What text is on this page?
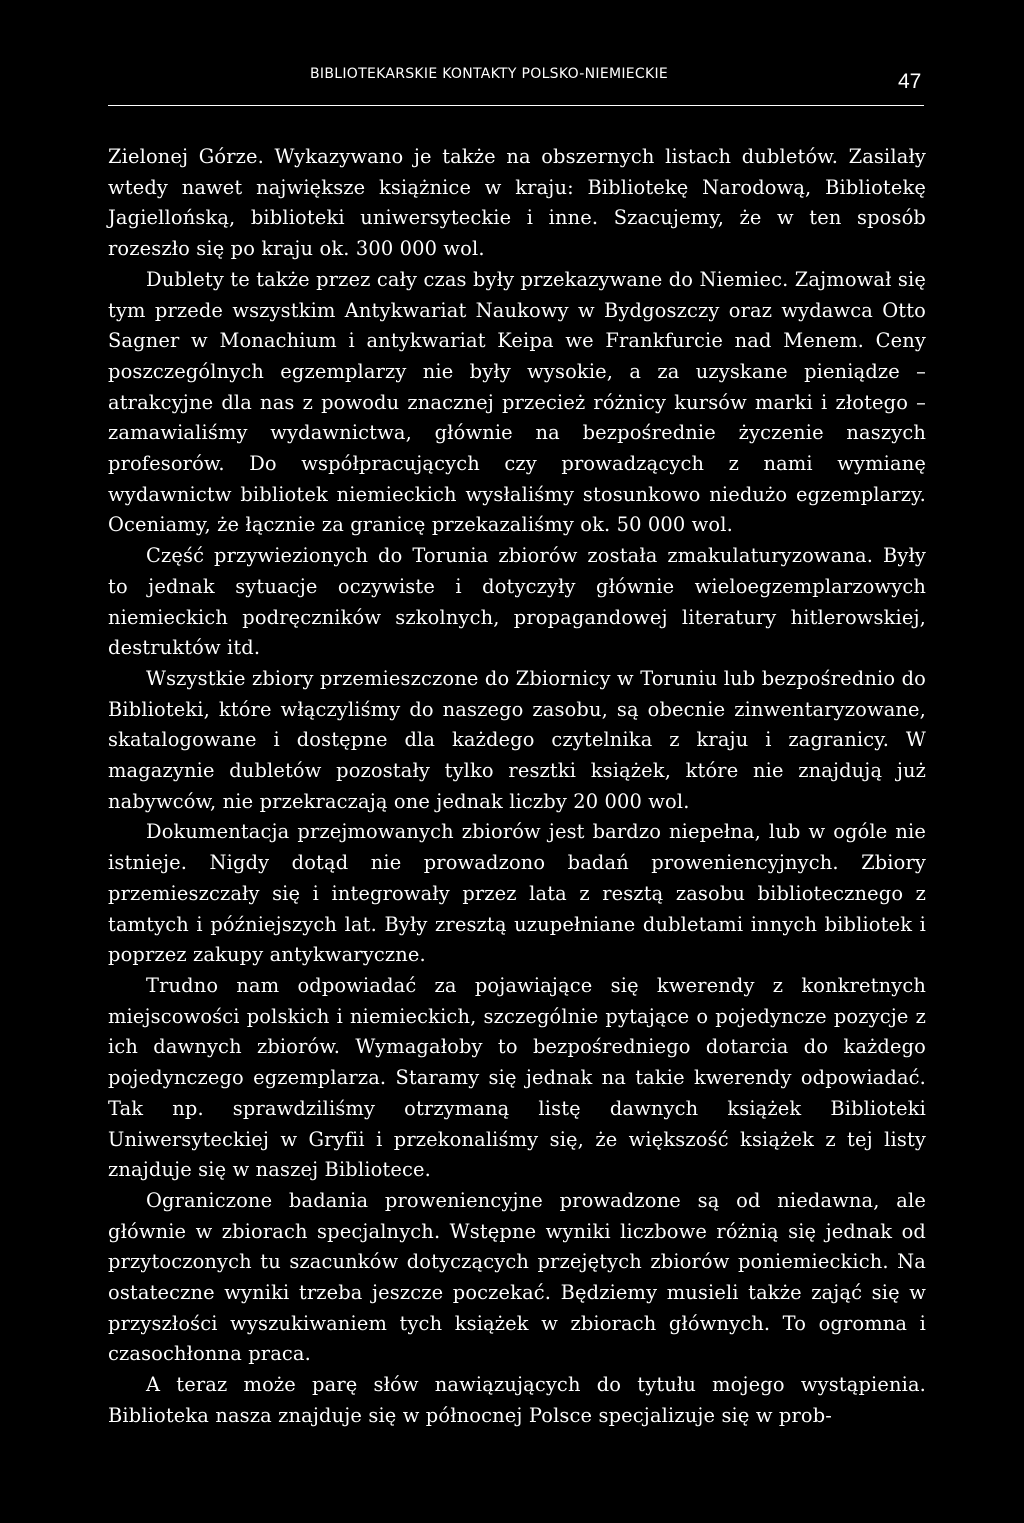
BIBLIOTEKARSKIE KONTAKTY POLSKO-NIEMIECKIE	47

Zielonej Górze. Wykazywano je także na obszernych listach dubletów. Zasilały wtedy nawet największe książnice w kraju: Bibliotekę Narodową, Bibliotekę Jagiellońską, biblioteki uniwersyteckie i inne. Szacujemy, że w ten sposób rozeszło się po kraju ok. 300 000 wol.

Dublety te także przez cały czas były przekazywane do Niemiec. Zajmował się tym przede wszystkim Antykwariat Naukowy w Bydgoszczy oraz wydawca Otto Sagner w Monachium i antykwariat Keipa we Frankfurcie nad Menem. Ceny poszczególnych egzemplarzy nie były wysokie, a za uzyskane pieniądze – atrakcyjne dla nas z powodu znacznej przecież różnicy kursów marki i złotego – zamawialiśmy wydawnictwa, głównie na bezpośrednie życzenie naszych profesorów. Do współpracujących czy prowadzących z nami wymianę wydawnictw bibliotek niemieckich wysłaliśmy stosunkowo niedużo egzemplarzy. Oceniamy, że łącznie za granicę przekazaliśmy ok. 50 000 wol.

Część przywiezionych do Torunia zbiorów została zmakulaturyzowana. Były to jednak sytuacje oczywiste i dotyczyły głównie wieloegzemplarzowych niemieckich podręczników szkolnych, propagandowej literatury hitlerowskiej, destruktów itd.

Wszystkie zbiory przemieszczone do Zbiornicy w Toruniu lub bezpośrednio do Biblioteki, które włączyliśmy do naszego zasobu, są obecnie zinwentaryzowane, skatalogowane i dostępne dla każdego czytelnika z kraju i zagranicy. W magazynie dubletów pozostały tylko resztki książek, które nie znajdują już nabywców, nie przekraczają one jednak liczby 20 000 wol.

Dokumentacja przejmowanych zbiorów jest bardzo niepełna, lub w ogóle nie istnieje. Nigdy dotąd nie prowadzono badań proweniencyjnych. Zbiory przemieszczały się i integrowały przez lata z resztą zasobu bibliotecznego z tamtych i późniejszych lat. Były zresztą uzupełniane dubletami innych bibliotek i poprzez zakupy antykwaryczne.

Trudno nam odpowiadać za pojawiające się kwerendy z konkretnych miejscowości polskich i niemieckich, szczególnie pytające o pojedyncze pozycje z ich dawnych zbiorów. Wymagałoby to bezpośredniego dotarcia do każdego pojedynczego egzemplarza. Staramy się jednak na takie kwerendy odpowiadać. Tak np. sprawdziliśmy otrzymaną listę dawnych książek Biblioteki Uniwersyteckiej w Gryfii i przekonaliśmy się, że większość książek z tej listy znajduje się w naszej Bibliotece.

Ograniczone badania proweniencyjne prowadzone są od niedawna, ale głównie w zbiorach specjalnych. Wstępne wyniki liczbowe różnią się jednak od przytoczonych tu szacunków dotyczących przejętych zbiorów poniemieckich. Na ostateczne wyniki trzeba jeszcze poczekać. Będziemy musieli także zająć się w przyszłości wyszukiwaniem tych książek w zbiorach głównych. To ogromna i czasochłonna praca.

A teraz może parę słów nawiązujących do tytułu mojego wystąpienia. Biblioteka nasza znajduje się w północnej Polsce specjalizuje się w prob-
